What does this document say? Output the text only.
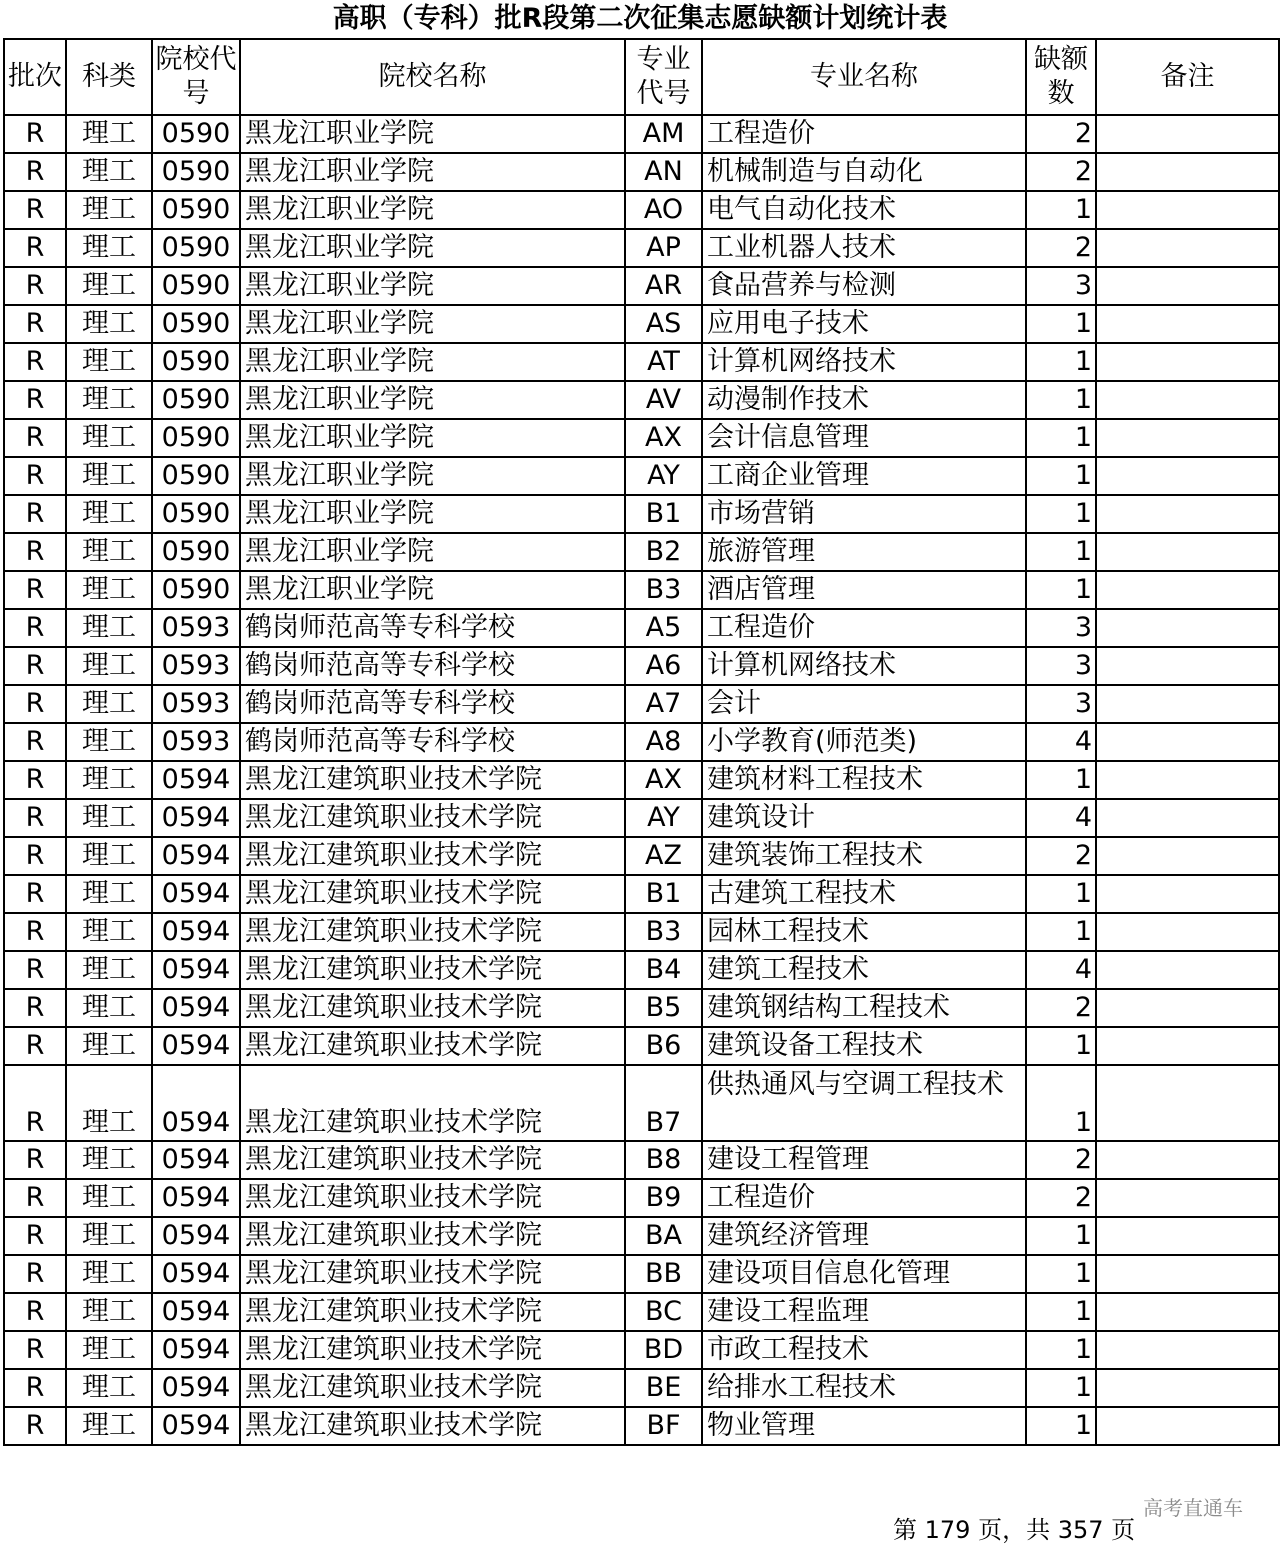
高职（专科）批R段第二次征集志愿缺额计划统计表
批次	科类	院校代号	院校名称	专业代号	专业名称	缺额数	备注
R	理工	0590	黑龙江职业学院	AM	工程造价	2	
R	理工	0590	黑龙江职业学院	AN	机械制造与自动化	2	
R	理工	0590	黑龙江职业学院	AO	电气自动化技术	1	
R	理工	0590	黑龙江职业学院	AP	工业机器人技术	2	
R	理工	0590	黑龙江职业学院	AR	食品营养与检测	3	
R	理工	0590	黑龙江职业学院	AS	应用电子技术	1	
R	理工	0590	黑龙江职业学院	AT	计算机网络技术	1	
R	理工	0590	黑龙江职业学院	AV	动漫制作技术	1	
R	理工	0590	黑龙江职业学院	AX	会计信息管理	1	
R	理工	0590	黑龙江职业学院	AY	工商企业管理	1	
R	理工	0590	黑龙江职业学院	B1	市场营销	1	
R	理工	0590	黑龙江职业学院	B2	旅游管理	1	
R	理工	0590	黑龙江职业学院	B3	酒店管理	1	
R	理工	0593	鹤岗师范高等专科学校	A5	工程造价	3	
R	理工	0593	鹤岗师范高等专科学校	A6	计算机网络技术	3	
R	理工	0593	鹤岗师范高等专科学校	A7	会计	3	
R	理工	0593	鹤岗师范高等专科学校	A8	小学教育(师范类)	4	
R	理工	0594	黑龙江建筑职业技术学院	AX	建筑材料工程技术	1	
R	理工	0594	黑龙江建筑职业技术学院	AY	建筑设计	4	
R	理工	0594	黑龙江建筑职业技术学院	AZ	建筑装饰工程技术	2	
R	理工	0594	黑龙江建筑职业技术学院	B1	古建筑工程技术	1	
R	理工	0594	黑龙江建筑职业技术学院	B3	园林工程技术	1	
R	理工	0594	黑龙江建筑职业技术学院	B4	建筑工程技术	4	
R	理工	0594	黑龙江建筑职业技术学院	B5	建筑钢结构工程技术	2	
R	理工	0594	黑龙江建筑职业技术学院	B6	建筑设备工程技术	1	
R	理工	0594	黑龙江建筑职业技术学院	B7	供热通风与空调工程技术	1	
R	理工	0594	黑龙江建筑职业技术学院	B8	建设工程管理	2	
R	理工	0594	黑龙江建筑职业技术学院	B9	工程造价	2	
R	理工	0594	黑龙江建筑职业技术学院	BA	建筑经济管理	1	
R	理工	0594	黑龙江建筑职业技术学院	BB	建设项目信息化管理	1	
R	理工	0594	黑龙江建筑职业技术学院	BC	建设工程监理	1	
R	理工	0594	黑龙江建筑职业技术学院	BD	市政工程技术	1	
R	理工	0594	黑龙江建筑职业技术学院	BE	给排水工程技术	1	
R	理工	0594	黑龙江建筑职业技术学院	BF	物业管理	1	
高考直通车
第 179 页，共 357 页
